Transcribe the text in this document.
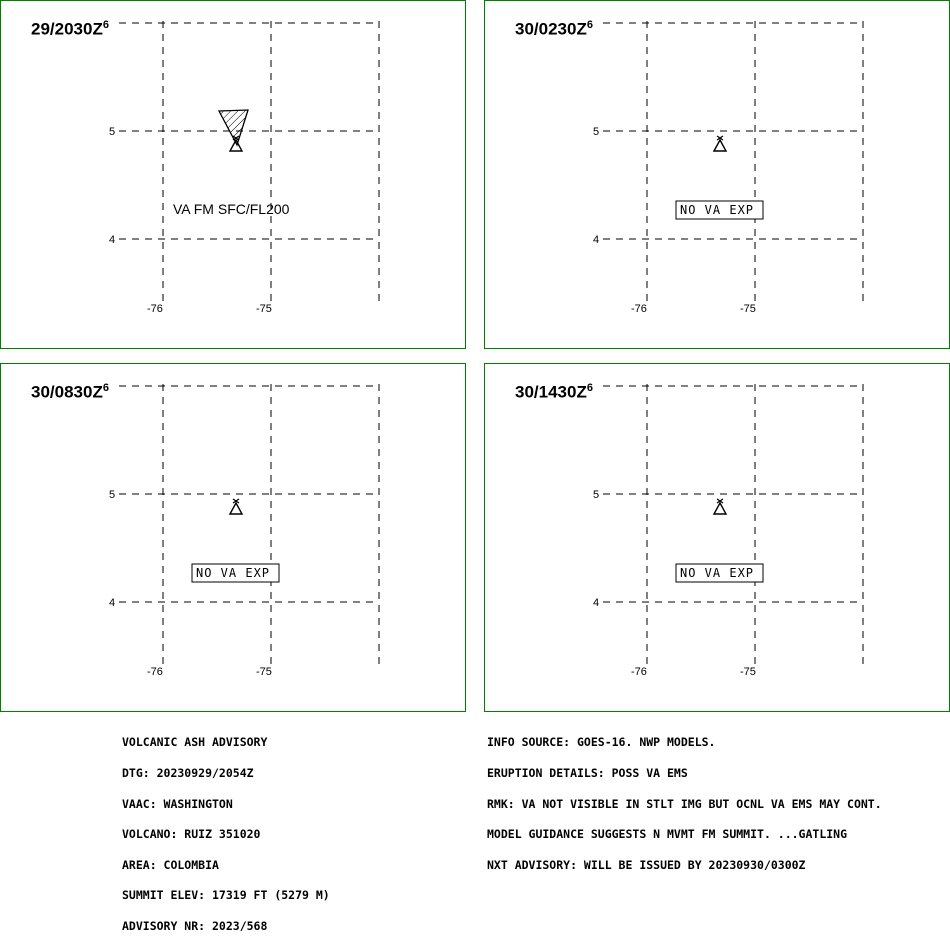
$29/2030Z^6$
5
4
-76	-75
VA FM SFC/FL200
$30/0230Z^6$
5
4
-76	-75
NO VA EXP
$30/0830Z^6$
5
4
-76	-75
NO VA EXP
$30/1430Z^6$
5
4
-76	-75
NO VA EXP

VOLCANIC ASH ADVISORY

DTG: 20230929/2054Z

VAAC: WASHINGTON

VOLCANO: RUIZ 351020

AREA: COLOMBIA

SUMMIT ELEV: 17319 FT (5279 M)

ADVISORY NR: 2023/568

INFO SOURCE: GOES-16. NWP MODELS.

ERUPTION DETAILS: POSS VA EMS

RMK: VA NOT VISIBLE IN STLT IMG BUT OCNL VA EMS MAY CONT.

MODEL GUIDANCE SUGGESTS N MVMT FM SUMMIT. ...GATLING

NXT ADVISORY: WILL BE ISSUED BY 20230930/0300Z
